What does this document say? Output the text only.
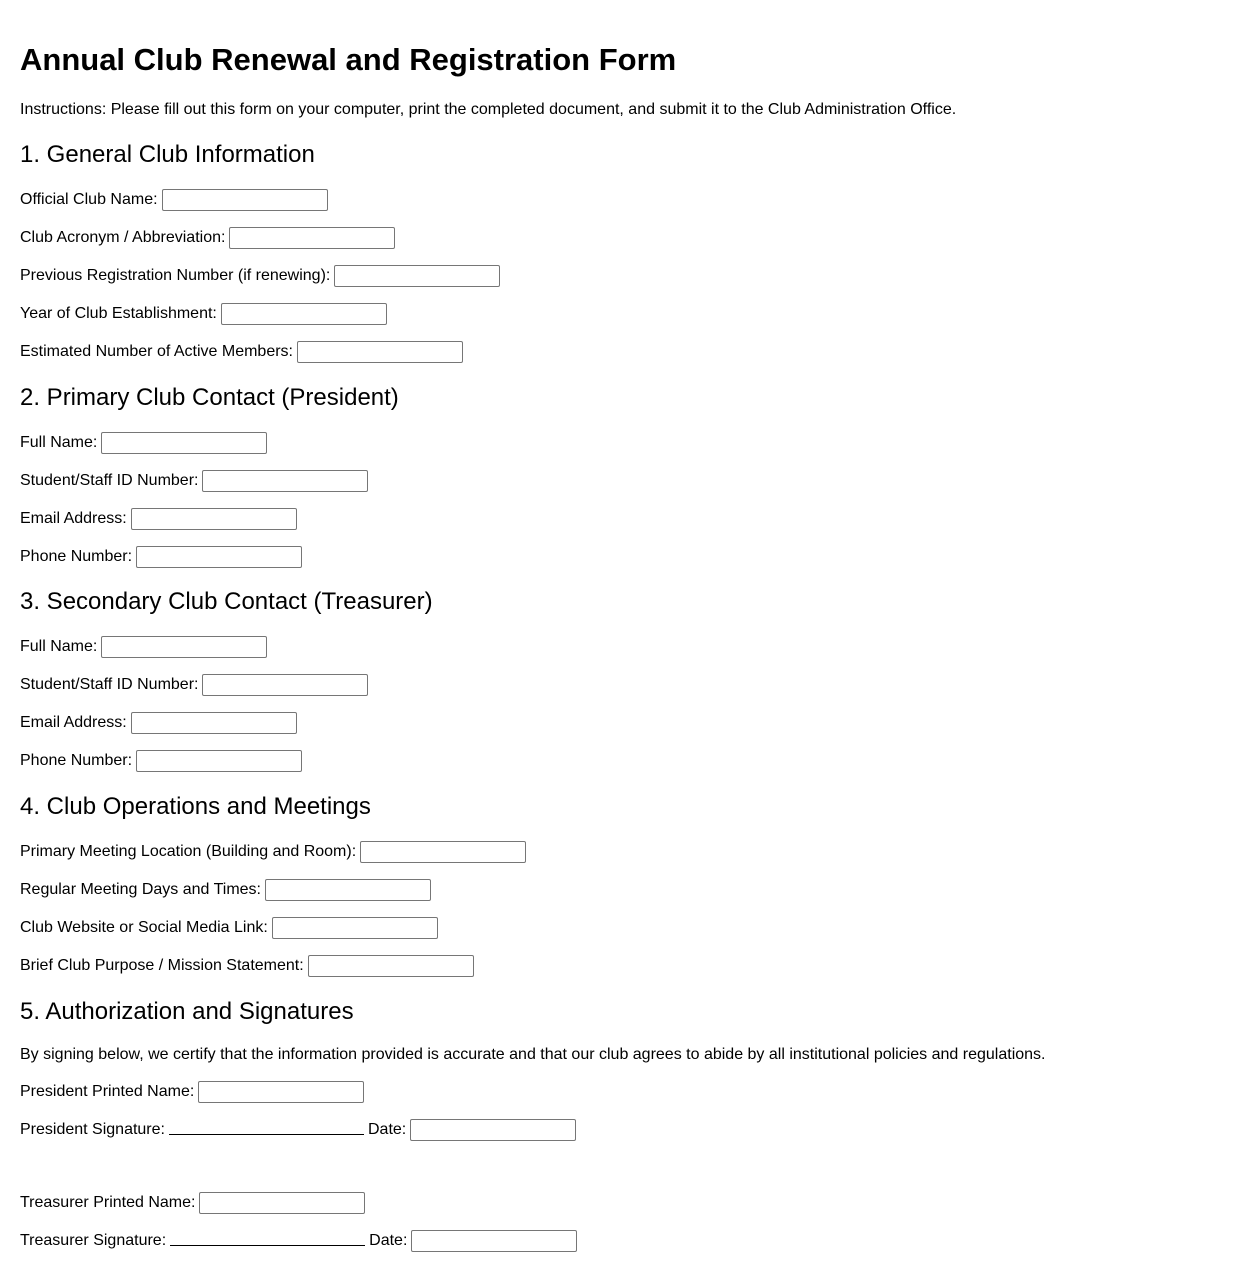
Annual Club Renewal and Registration Form

Instructions: Please fill out this form on your computer, print the completed document, and submit it to the Club Administration Office.

1. General Club Information
Official Club Name:
Club Acronym / Abbreviation:
Previous Registration Number (if renewing):
Year of Club Establishment:
Estimated Number of Active Members:
2. Primary Club Contact (President)
Full Name:
Student/Staff ID Number:
Email Address:
Phone Number:
3. Secondary Club Contact (Treasurer)
Full Name:
Student/Staff ID Number:
Email Address:
Phone Number:
4. Club Operations and Meetings
Primary Meeting Location (Building and Room):
Regular Meeting Days and Times:
Club Website or Social Media Link:
Brief Club Purpose / Mission Statement:
5. Authorization and Signatures

By signing below, we certify that the information provided is accurate and that our club agrees to abide by all institutional policies and regulations.

President Printed Name:
President Signature:	Date:
Treasurer Printed Name:
Treasurer Signature:	Date:
